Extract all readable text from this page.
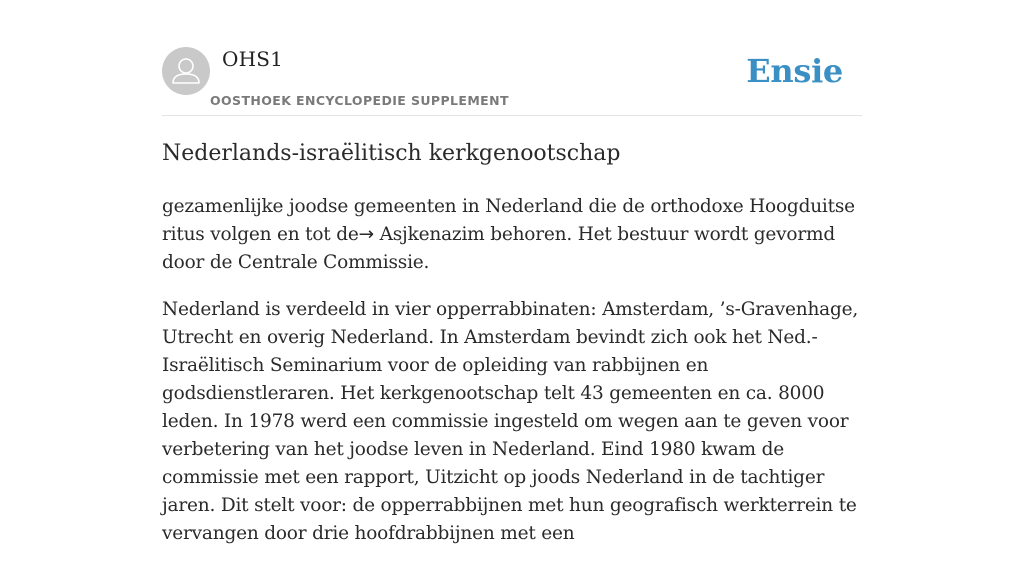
OHS1
OOSTHOEK ENCYCLOPEDIE SUPPLEMENT
Ensie
Nederlands-israëlitisch kerkgenootschap

gezamenlijke joodse gemeenten in Nederland die de orthodoxe Hoogduitse ritus volgen en tot de→ Asjkenazim behoren. Het bestuur wordt gevormd door de Centrale Commissie.

Nederland is verdeeld in vier opperrabbinaten: Amsterdam, ’s-Gravenhage, Utrecht en overig Nederland. In Amsterdam bevindt zich ook het Ned.-Israëlitisch Seminarium voor de opleiding van rabbijnen en godsdienstleraren. Het kerkgenootschap telt 43 gemeenten en ca. 8000 leden. In 1978 werd een commissie ingesteld om wegen aan te geven voor verbetering van het joodse leven in Nederland. Eind 1980 kwam de commissie met een rapport, Uitzicht op joods Nederland in de tachtiger jaren. Dit stelt voor: de opperrabbijnen met hun geografisch werkterrein te vervangen door drie hoofdrabbijnen met een
